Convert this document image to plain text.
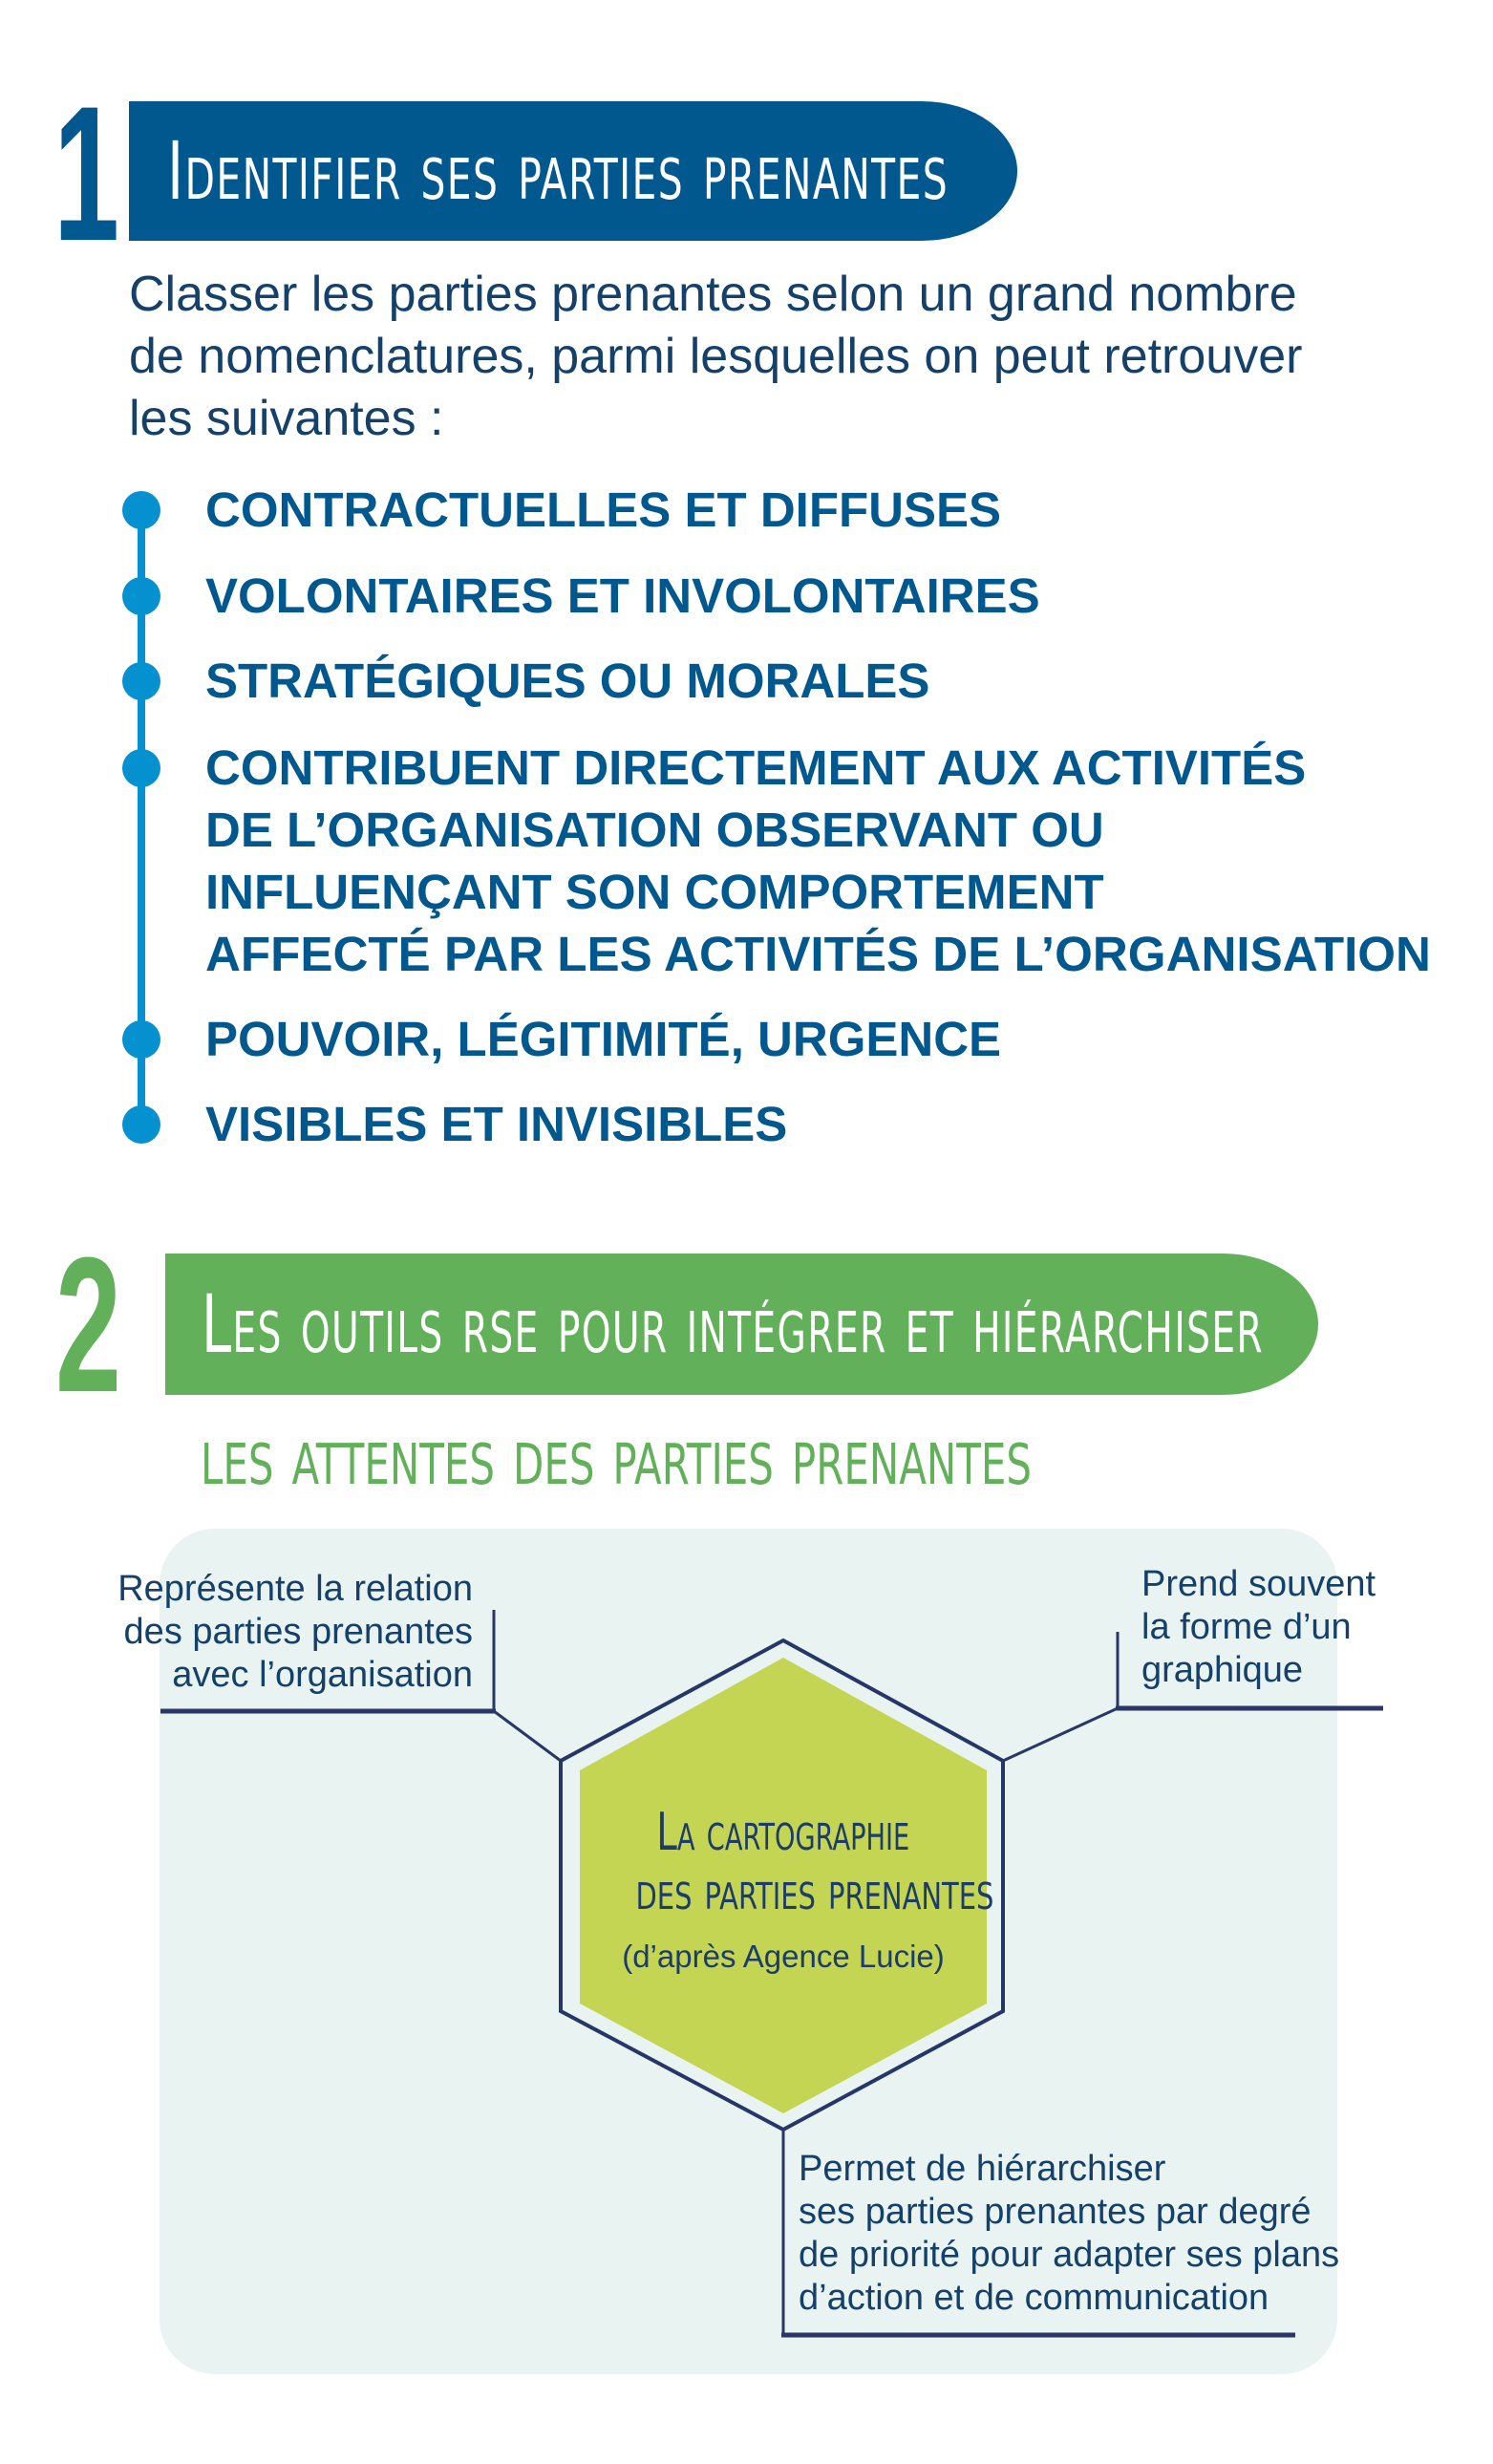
1 Identifier ses parties prenantes
Classer les parties prenantes selon un grand nombre
de nomenclatures, parmi lesquelles on peut retrouver
les suivantes :
CONTRACTUELLES ET DIFFUSES
VOLONTAIRES ET INVOLONTAIRES
STRATÉGIQUES OU MORALES
CONTRIBUENT DIRECTEMENT AUX ACTIVITÉS
DE L’ORGANISATION OBSERVANT OU
INFLUENÇANT SON COMPORTEMENT
AFFECTÉ PAR LES ACTIVITÉS DE L’ORGANISATION
POUVOIR, LÉGITIMITÉ, URGENCE
VISIBLES ET INVISIBLES
2 Les outils rse pour intégrer et hiérarchiser
les attentes des parties prenantes
La cartographie
des parties prenantes
(d’après Agence Lucie)
Représente la relation
des parties prenantes
avec l’organisation
Prend souvent
la forme d’un
graphique
Permet de hiérarchiser
ses parties prenantes par degré
de priorité pour adapter ses plans
d’action et de communication
